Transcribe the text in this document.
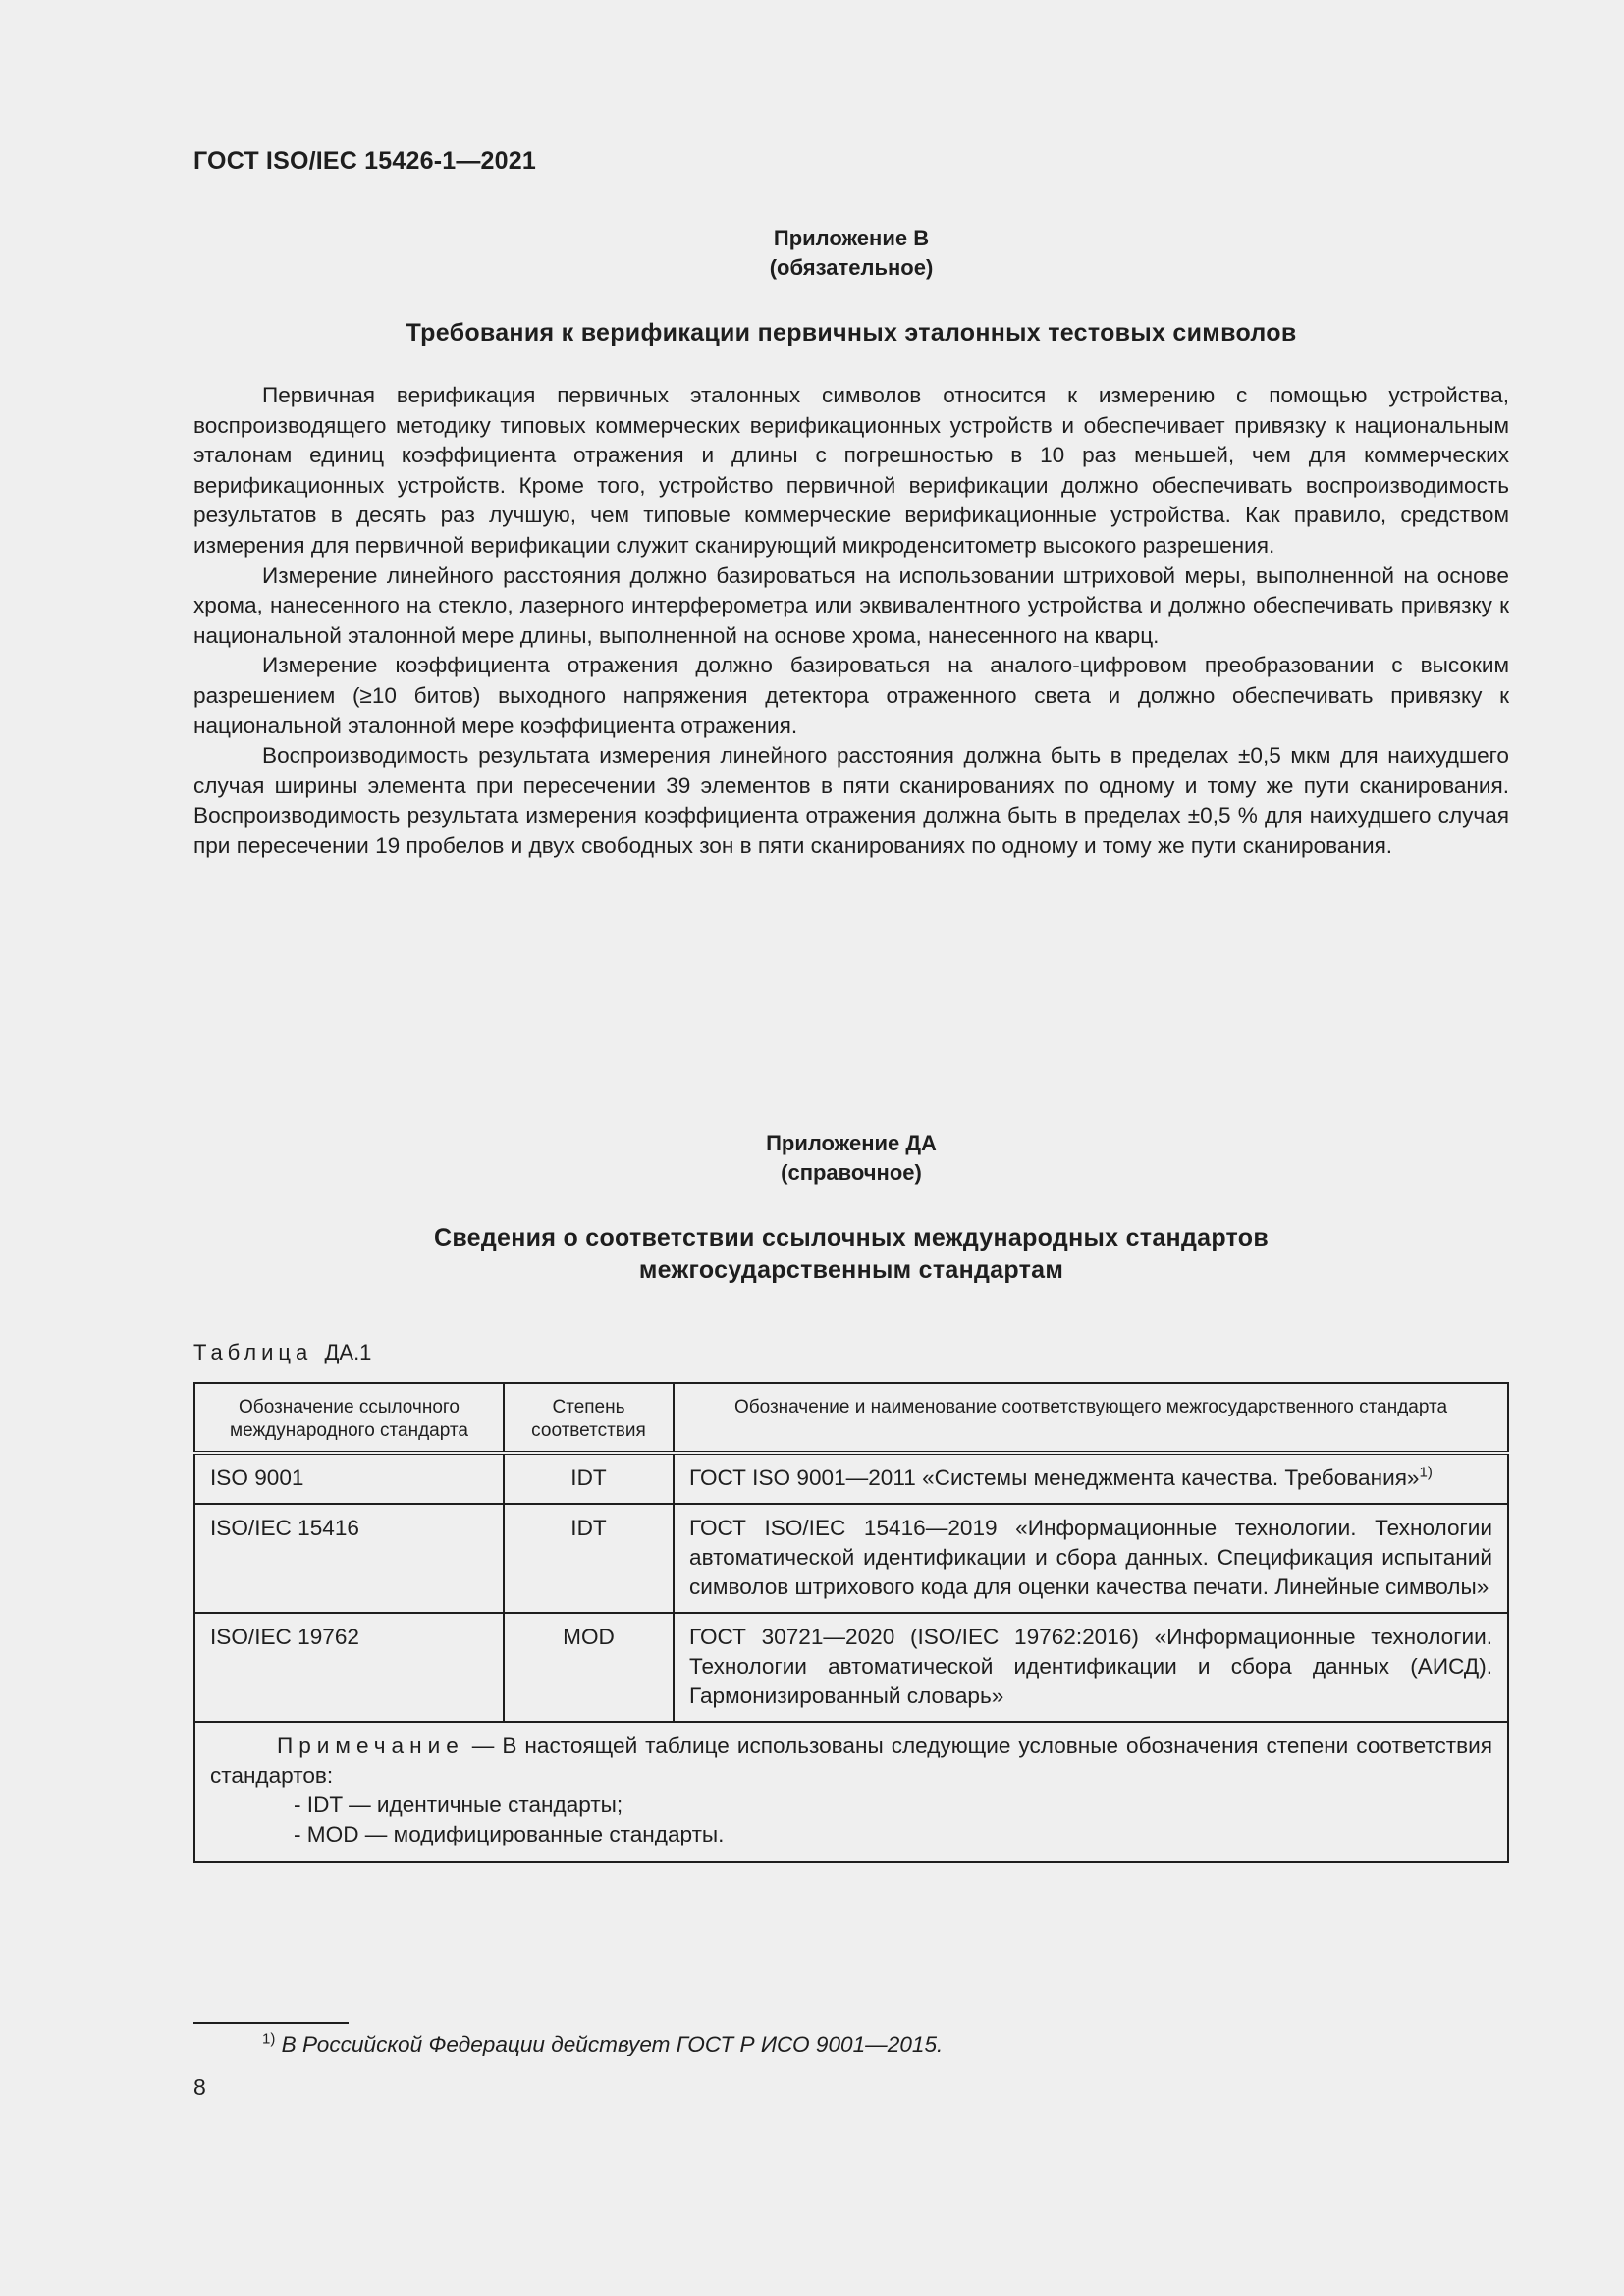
ГОСТ ISO/IEC 15426-1—2021
Приложение В
(обязательное)
Требования к верификации первичных эталонных тестовых символов

Первичная верификация первичных эталонных символов относится к измерению с помощью устройства, воспроизводящего методику типовых коммерческих верификационных устройств и обеспечивает привязку к национальным эталонам единиц коэффициента отражения и длины с погрешностью в 10 раз меньшей, чем для коммерческих верификационных устройств. Кроме того, устройство первичной верификации должно обеспечивать воспроизводимость результатов в десять раз лучшую, чем типовые коммерческие верификационные устройства. Как правило, средством измерения для первичной верификации служит сканирующий микроденситометр высокого разрешения.

Измерение линейного расстояния должно базироваться на использовании штриховой меры, выполненной на основе хрома, нанесенного на стекло, лазерного интерферометра или эквивалентного устройства и должно обеспечивать привязку к национальной эталонной мере длины, выполненной на основе хрома, нанесенного на кварц.

Измерение коэффициента отражения должно базироваться на аналого-цифровом преобразовании с высоким разрешением (≥10 битов) выходного напряжения детектора отраженного света и должно обеспечивать привязку к национальной эталонной мере коэффициента отражения.

Воспроизводимость результата измерения линейного расстояния должна быть в пределах ±0,5 мкм для наихудшего случая ширины элемента при пересечении 39 элементов в пяти сканированиях по одному и тому же пути сканирования. Воспроизводимость результата измерения коэффициента отражения должна быть в пределах ±0,5 % для наихудшего случая при пересечении 19 пробелов и двух свободных зон в пяти сканированиях по одному и тому же пути сканирования.

Приложение ДА
(справочное)
Сведения о соответствии ссылочных международных стандартов
межгосударственным стандартам
Таблица ДА.1
Обозначение ссылочного международного стандарта	Степень соответствия	Обозначение и наименование соответствующего межгосударственного стандарта
ISO 9001	IDT	ГОСТ ISO 9001—2011 «Системы менеджмента качества. Требования»$^{1)}$
ISO/IEC 15416	IDT	ГОСТ ISO/IEC 15416—2019 «Информационные технологии. Технологии автоматической идентификации и сбора данных. Спецификация испытаний символов штрихового кода для оценки качества печати. Линейные символы»
ISO/IEC 19762	MOD	ГОСТ 30721—2020 (ISO/IEC 19762:2016) «Информационные технологии. Технологии автоматической идентификации и сбора данных (АИСД). Гармонизированный словарь»

Примечание — В настоящей таблице использованы следующие условные обозначения степени соответствия стандартов:
- IDT — идентичные стандарты;
- MOD — модифицированные стандарты.		
$^{1)}$ В Российской Федерации действует ГОСТ Р ИСО 9001—2015.
8
